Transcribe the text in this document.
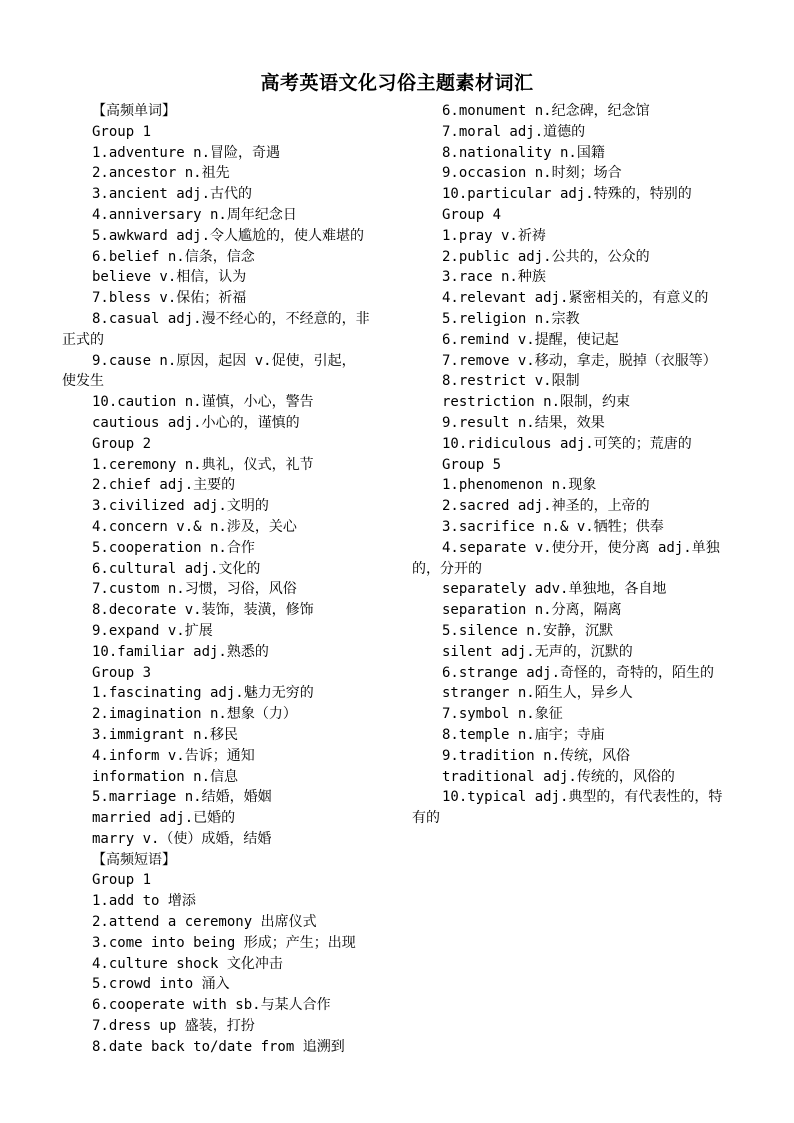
高考英语文化习俗主题素材词汇
【高频单词】
Group 1
1.adventure n.冒险，奇遇
2.ancestor n.祖先
3.ancient adj.古代的
4.anniversary n.周年纪念日
5.awkward adj.令人尴尬的，使人难堪的
6.belief n.信条，信念
believe v.相信，认为
7.bless v.保佑；祈福
8.casual adj.漫不经心的，不经意的，非
正式的
9.cause n.原因，起因 v.促使，引起，
使发生
10.caution n.谨慎，小心，警告
cautious adj.小心的，谨慎的
Group 2
1.ceremony n.典礼，仪式，礼节
2.chief adj.主要的
3.civilized adj.文明的
4.concern v.& n.涉及，关心
5.cooperation n.合作
6.cultural adj.文化的
7.custom n.习惯，习俗，风俗
8.decorate v.装饰，装潢，修饰
9.expand v.扩展
10.familiar adj.熟悉的
Group 3
1.fascinating adj.魅力无穷的
2.imagination n.想象（力）
3.immigrant n.移民
4.inform v.告诉；通知
information n.信息
5.marriage n.结婚，婚姻
married adj.已婚的
marry v.（使）成婚，结婚
【高频短语】
Group 1
1.add to 增添
2.attend a ceremony 出席仪式
3.come into being 形成；产生；出现
4.culture shock 文化冲击
5.crowd into 涌入
6.cooperate with sb.与某人合作
7.dress up 盛装，打扮
8.date back to/date from 追溯到
6.monument n.纪念碑，纪念馆
7.moral adj.道德的
8.nationality n.国籍
9.occasion n.时刻；场合
10.particular adj.特殊的，特别的
Group 4
1.pray v.祈祷
2.public adj.公共的，公众的
3.race n.种族
4.relevant adj.紧密相关的，有意义的
5.religion n.宗教
6.remind v.提醒，使记起
7.remove v.移动，拿走，脱掉（衣服等）
8.restrict v.限制
restriction n.限制，约束
9.result n.结果，效果
10.ridiculous adj.可笑的；荒唐的
Group 5
1.phenomenon n.现象
2.sacred adj.神圣的，上帝的
3.sacrifice n.& v.牺牲；供奉
4.separate v.使分开，使分离 adj.单独
的，分开的
separately adv.单独地，各自地
separation n.分离，隔离
5.silence n.安静，沉默
silent adj.无声的，沉默的
6.strange adj.奇怪的，奇特的，陌生的
stranger n.陌生人，异乡人
7.symbol n.象征
8.temple n.庙宇；寺庙
9.tradition n.传统，风俗
traditional adj.传统的，风俗的
10.typical adj.典型的，有代表性的，特
有的
